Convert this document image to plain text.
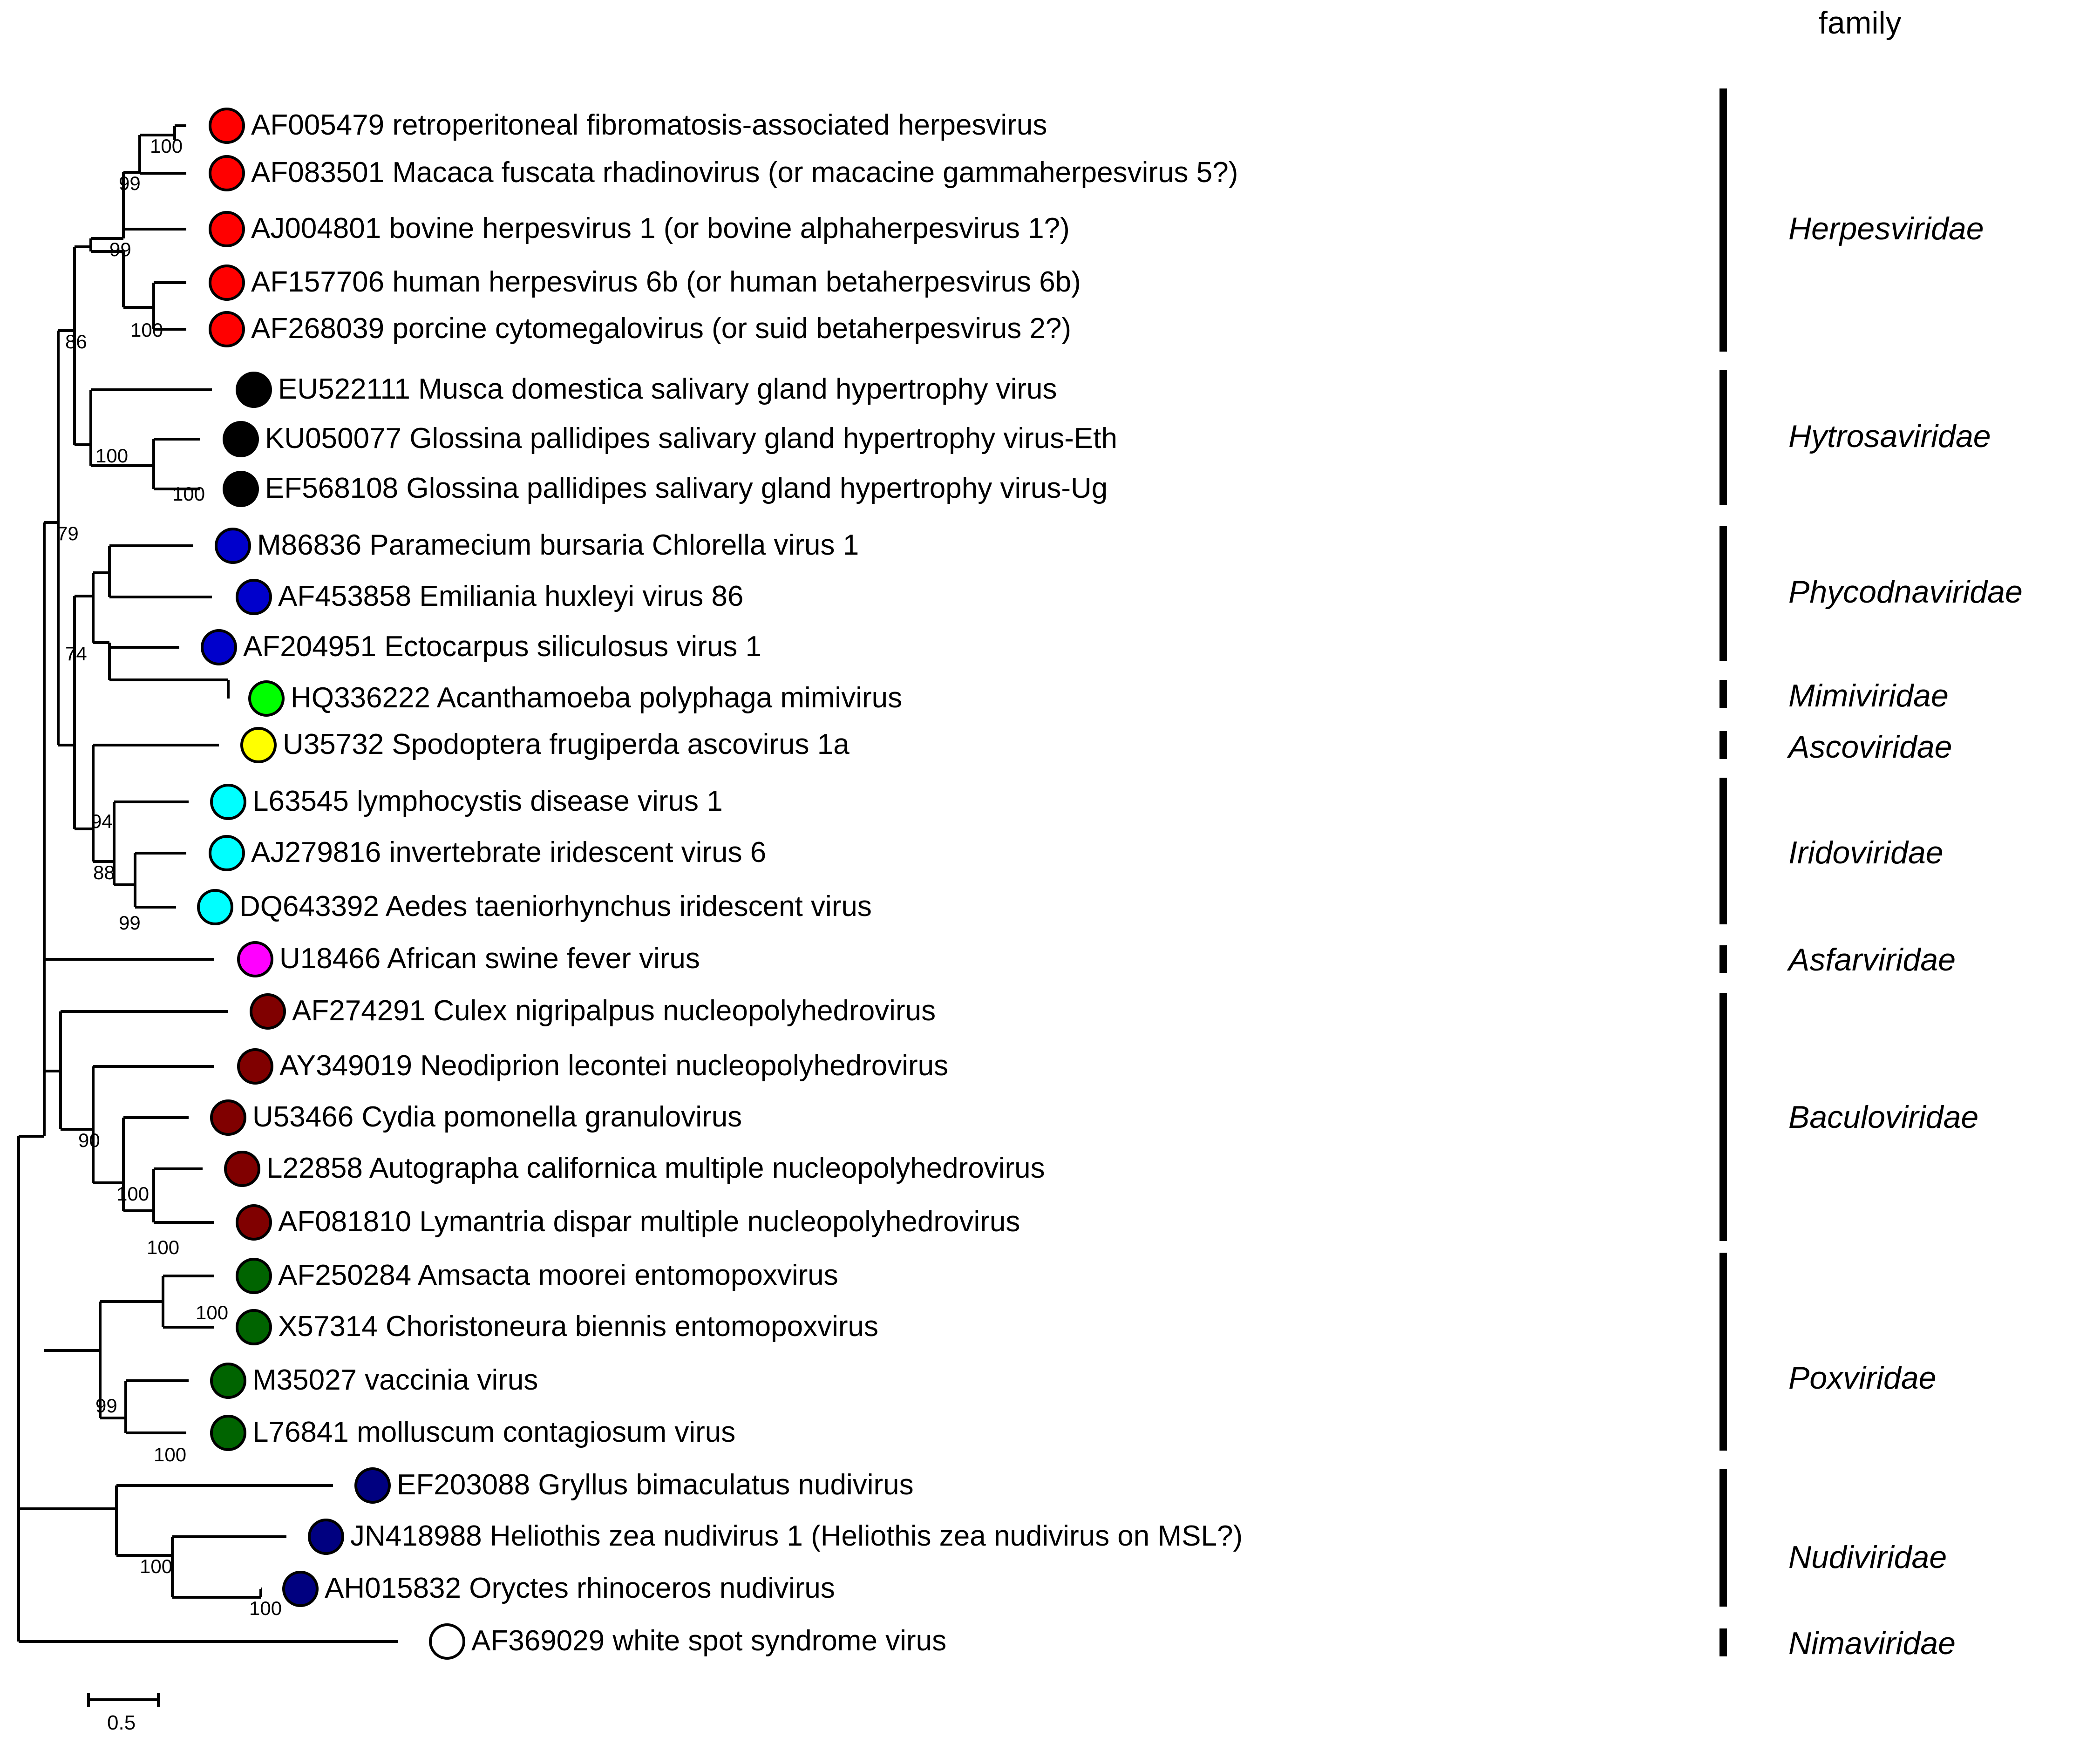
family
AF005479 retroperitoneal fibromatosis-associated herpesvirus
AF083501 Macaca fuscata rhadinovirus (or macacine gammaherpesvirus 5?)
AJ004801 bovine herpesvirus 1 (or bovine alphaherpesvirus 1?)
AF157706 human herpesvirus 6b (or human betaherpesvirus 6b)
AF268039 porcine cytomegalovirus (or suid betaherpesvirus 2?)
EU522111 Musca domestica salivary gland hypertrophy virus
KU050077 Glossina pallidipes salivary gland hypertrophy virus-Eth
EF568108 Glossina pallidipes salivary gland hypertrophy virus-Ug
M86836 Paramecium bursaria Chlorella virus 1
AF453858 Emiliania huxleyi virus 86
AF204951 Ectocarpus siliculosus virus 1
HQ336222 Acanthamoeba polyphaga mimivirus
U35732 Spodoptera frugiperda ascovirus 1a
L63545 lymphocystis disease virus 1
AJ279816 invertebrate iridescent virus 6
DQ643392 Aedes taeniorhynchus iridescent virus
U18466 African swine fever virus
AF274291 Culex nigripalpus nucleopolyhedrovirus
AY349019 Neodiprion lecontei nucleopolyhedrovirus
U53466 Cydia pomonella granulovirus
L22858 Autographa californica multiple nucleopolyhedrovirus
AF081810 Lymantria dispar multiple nucleopolyhedrovirus
AF250284 Amsacta moorei entomopoxvirus
X57314 Choristoneura biennis entomopoxvirus
M35027 vaccinia virus
L76841 molluscum contagiosum virus
EF203088 Gryllus bimaculatus nudivirus
JN418988 Heliothis zea nudivirus 1 (Heliothis zea nudivirus on MSL?)
AH015832 Oryctes rhinoceros nudivirus
AF369029 white spot syndrome virus
100
99
99
100
86
100
100
79
74
94
88
99
90
100
100
100
99
100
100
100
Herpesviridae
Hytrosaviridae
Phycodnaviridae
Mimiviridae
Ascoviridae
Iridoviridae
Asfarviridae
Baculoviridae
Poxviridae
Nudiviridae
Nimaviridae
0.5
